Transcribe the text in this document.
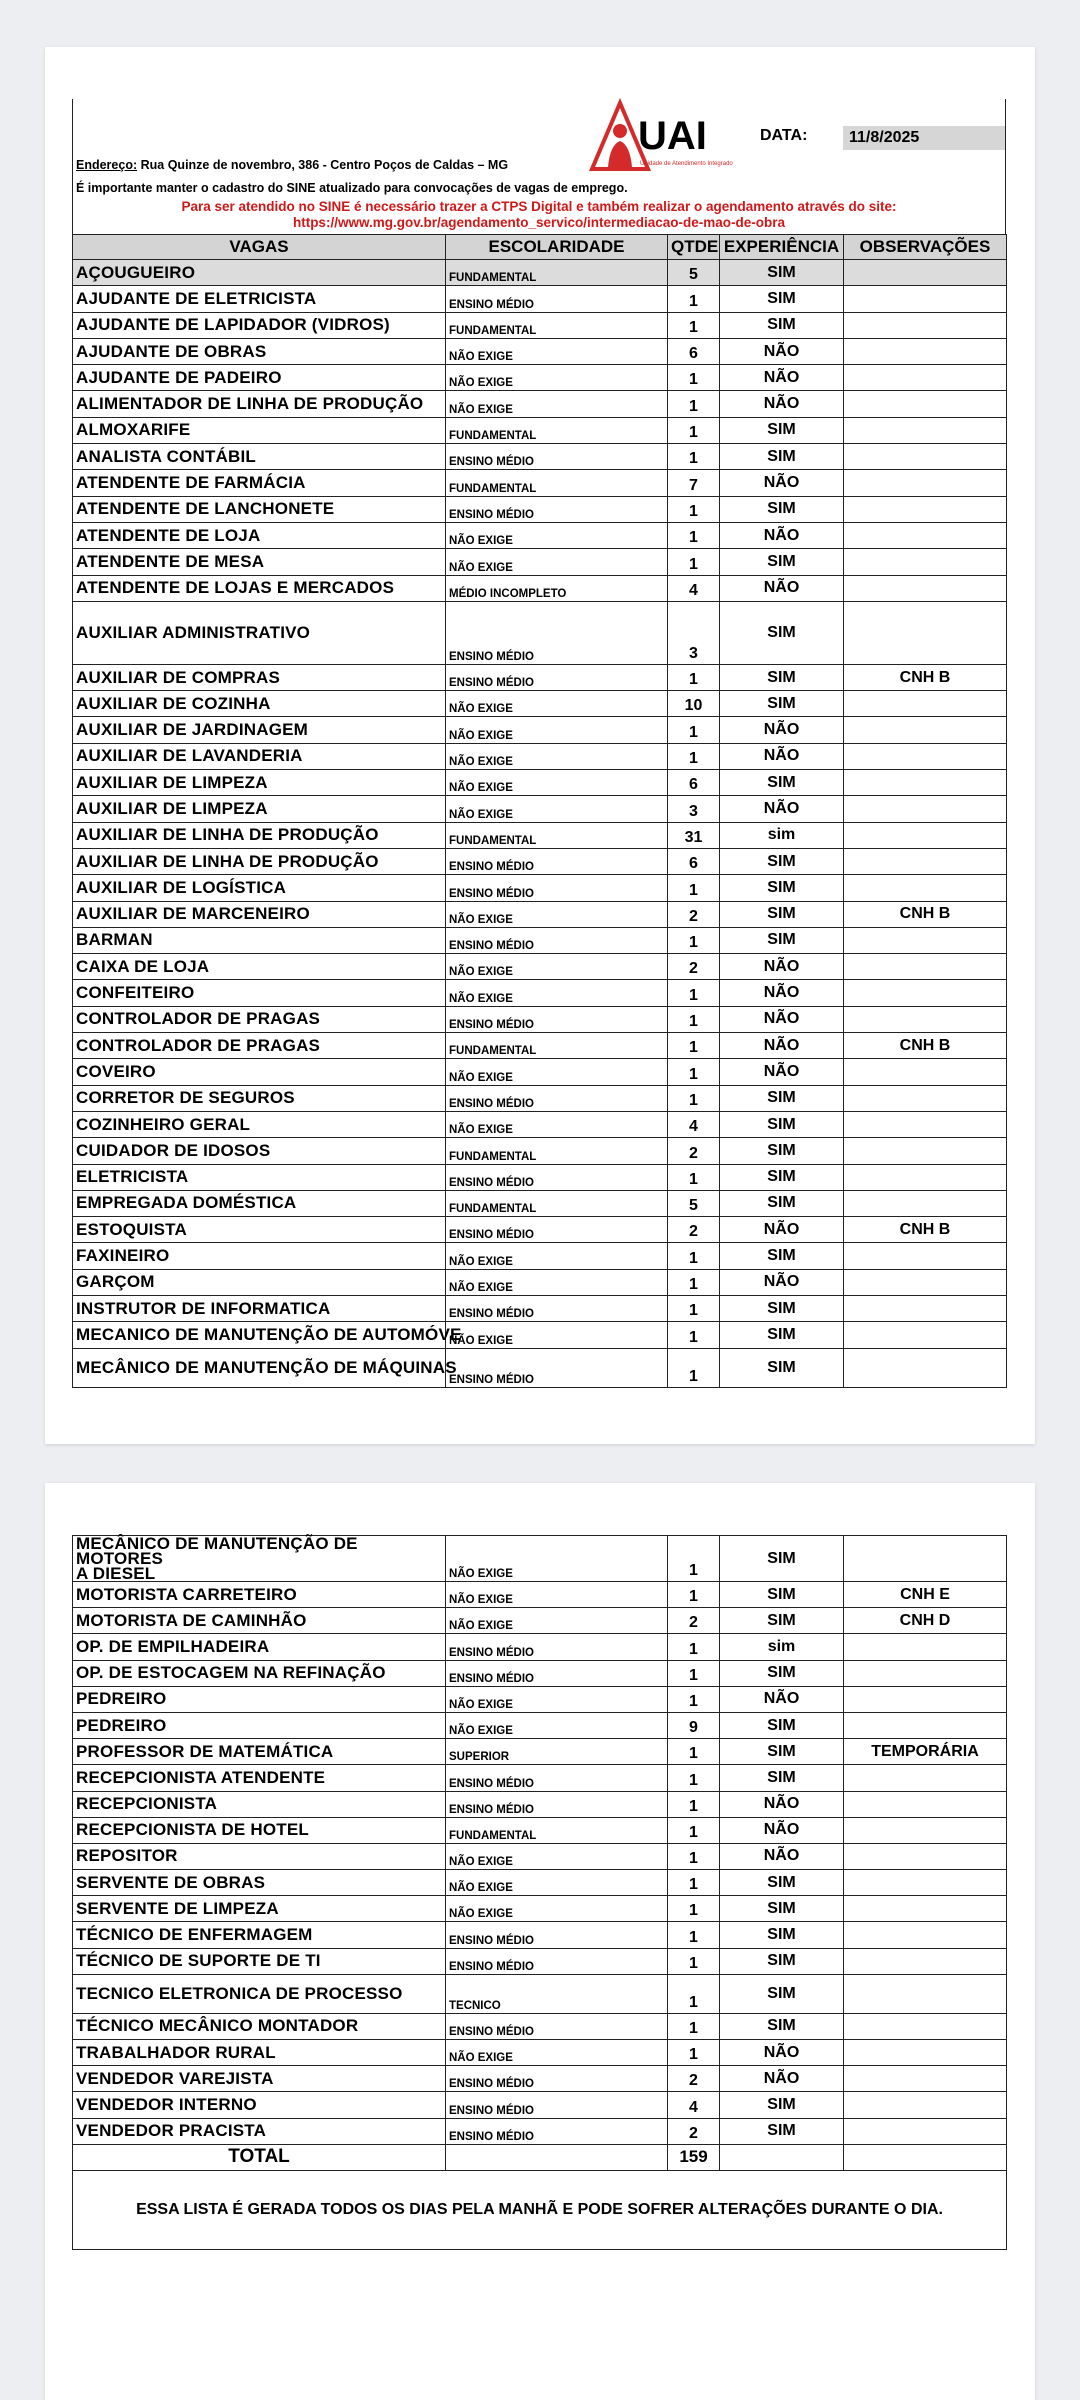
UAI
Unidade de Atendimento Integrado
DATA:	11/8/2025
Endereço: Rua Quinze de novembro, 386 - Centro Poços de Caldas – MG
É importante manter o cadastro do SINE atualizado para convocações de vagas de emprego.
Para ser atendido no SINE é necessário trazer a CTPS Digital e também realizar o agendamento através do site:
https://www.mg.gov.br/agendamento_servico/intermediacao-de-mao-de-obra
VAGAS	ESCOLARIDADE	QTDE	EXPERIÊNCIA	OBSERVAÇÕES
AÇOUGUEIRO	FUNDAMENTAL	5	SIM	
AJUDANTE DE ELETRICISTA	ENSINO MÉDIO	1	SIM	
AJUDANTE DE LAPIDADOR (VIDROS)	FUNDAMENTAL	1	SIM	
AJUDANTE DE OBRAS	NÃO EXIGE	6	NÃO	
AJUDANTE DE PADEIRO	NÃO EXIGE	1	NÃO	
ALIMENTADOR DE LINHA DE PRODUÇÃO	NÃO EXIGE	1	NÃO	
ALMOXARIFE	FUNDAMENTAL	1	SIM	
ANALISTA CONTÁBIL	ENSINO MÉDIO	1	SIM	
ATENDENTE DE FARMÁCIA	FUNDAMENTAL	7	NÃO	
ATENDENTE DE LANCHONETE	ENSINO MÉDIO	1	SIM	
ATENDENTE DE LOJA	NÃO EXIGE	1	NÃO	
ATENDENTE DE MESA	NÃO EXIGE	1	SIM	
ATENDENTE DE LOJAS E MERCADOS	MÉDIO INCOMPLETO	4	NÃO	
AUXILIAR ADMINISTRATIVO	ENSINO MÉDIO	3	SIM	
AUXILIAR DE COMPRAS	ENSINO MÉDIO	1	SIM	CNH B
AUXILIAR DE COZINHA	NÃO EXIGE	10	SIM	
AUXILIAR DE JARDINAGEM	NÃO EXIGE	1	NÃO	
AUXILIAR DE LAVANDERIA	NÃO EXIGE	1	NÃO	
AUXILIAR DE LIMPEZA	NÃO EXIGE	6	SIM	
AUXILIAR DE LIMPEZA	NÃO EXIGE	3	NÃO	
AUXILIAR DE LINHA DE PRODUÇÃO	FUNDAMENTAL	31	sim	
AUXILIAR DE LINHA DE PRODUÇÃO	ENSINO MÉDIO	6	SIM	
AUXILIAR DE LOGÍSTICA	ENSINO MÉDIO	1	SIM	
AUXILIAR DE MARCENEIRO	NÃO EXIGE	2	SIM	CNH B
BARMAN	ENSINO MÉDIO	1	SIM	
CAIXA DE LOJA	NÃO EXIGE	2	NÃO	
CONFEITEIRO	NÃO EXIGE	1	NÃO	
CONTROLADOR DE PRAGAS	ENSINO MÉDIO	1	NÃO	
CONTROLADOR DE PRAGAS	FUNDAMENTAL	1	NÃO	CNH B
COVEIRO	NÃO EXIGE	1	NÃO	
CORRETOR DE SEGUROS	ENSINO MÉDIO	1	SIM	
COZINHEIRO GERAL	NÃO EXIGE	4	SIM	
CUIDADOR DE IDOSOS	FUNDAMENTAL	2	SIM	
ELETRICISTA	ENSINO MÉDIO	1	SIM	
EMPREGADA DOMÉSTICA	FUNDAMENTAL	5	SIM	
ESTOQUISTA	ENSINO MÉDIO	2	NÃO	CNH B
FAXINEIRO	NÃO EXIGE	1	SIM	
GARÇOM	NÃO EXIGE	1	NÃO	
INSTRUTOR DE INFORMATICA	ENSINO MÉDIO	1	SIM	
MECANICO DE MANUTENÇÃO DE AUTOMÓVE	NÃO EXIGE	1	SIM	
MECÂNICO DE MANUTENÇÃO DE MÁQUINAS	ENSINO MÉDIO	1	SIM	
MECÂNICO DE MANUTENÇÃO DE MOTORES
A DIESEL	NÃO EXIGE	1	SIM	
MOTORISTA CARRETEIRO	NÃO EXIGE	1	SIM	CNH E
MOTORISTA DE CAMINHÃO	NÃO EXIGE	2	SIM	CNH D
OP. DE EMPILHADEIRA	ENSINO MÉDIO	1	sim	
OP. DE ESTOCAGEM NA REFINAÇÃO	ENSINO MÉDIO	1	SIM	
PEDREIRO	NÃO EXIGE	1	NÃO	
PEDREIRO	NÃO EXIGE	9	SIM	
PROFESSOR DE MATEMÁTICA	SUPERIOR	1	SIM	TEMPORÁRIA
RECEPCIONISTA ATENDENTE	ENSINO MÉDIO	1	SIM	
RECEPCIONISTA	ENSINO MÉDIO	1	NÃO	
RECEPCIONISTA DE HOTEL	FUNDAMENTAL	1	NÃO	
REPOSITOR	NÃO EXIGE	1	NÃO	
SERVENTE DE OBRAS	NÃO EXIGE	1	SIM	
SERVENTE DE LIMPEZA	NÃO EXIGE	1	SIM	
TÉCNICO DE ENFERMAGEM	ENSINO MÉDIO	1	SIM	
TÉCNICO DE SUPORTE DE TI	ENSINO MÉDIO	1	SIM	
TECNICO ELETRONICA DE PROCESSO	TECNICO	1	SIM	
TÉCNICO MECÂNICO MONTADOR	ENSINO MÉDIO	1	SIM	
TRABALHADOR RURAL	NÃO EXIGE	1	NÃO	
VENDEDOR VAREJISTA	ENSINO MÉDIO	2	NÃO	
VENDEDOR INTERNO	ENSINO MÉDIO	4	SIM	
VENDEDOR PRACISTA	ENSINO MÉDIO	2	SIM	
TOTAL		159		
ESSA LISTA É GERADA TODOS OS DIAS PELA MANHÃ E PODE SOFRER ALTERAÇÕES DURANTE O DIA.				
